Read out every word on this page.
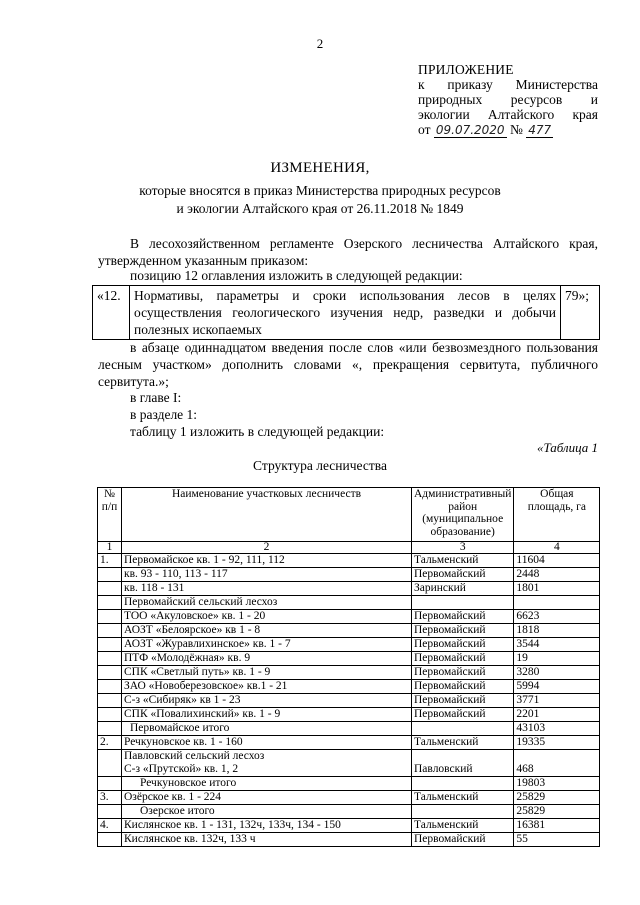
2
ПРИЛОЖЕНИЕ
к приказу Министерства
природных ресурсов и
экологии Алтайского края
от 09.07.2020 № 477
ИЗМЕНЕНИЯ,
которые вносятся в приказ Министерства природных ресурсов
и экологии Алтайского края от 26.11.2018 № 1849
В лесохозяйственном регламенте Озерского лесничества Алтайского края, утвержденном указанным приказом:
позицию 12 оглавления изложить в следующей редакции:
«12.	Нормативы, параметры и сроки использования лесов в целях осуществления геологического изучения недр, разведки и добычи полезных ископаемых	79»;
в абзаце одиннадцатом введения после слов «или безвозмездного пользования лесным участком» дополнить словами «, прекращения сервитута, публичного сервитута.»;
в главе I:
в разделе 1:
таблицу 1 изложить в следующей редакции:
«Таблица 1
Структура лесничества
№ п/п	Наименование участковых лесничеств	Административный район (муниципальное образование)	Общая площадь, га
1	2	3	4
1.	Первомайское кв. 1 - 92, 111, 112	Тальменский	11604
	кв. 93 - 110, 113 - 117	Первомайский	2448
	кв. 118 - 131	Заринский	1801
	Первомайский сельский лесхоз		
	ТОО «Акуловское» кв. 1 - 20	Первомайский	6623
	АОЗТ «Белоярское» кв 1 - 8	Первомайский	1818
	АОЗТ «Журавлихинское» кв. 1 - 7	Первомайский	3544
	ПТФ «Молодёжная» кв. 9	Первомайский	19
	СПК «Светлый путь» кв. 1 - 9	Первомайский	3280
	ЗАО «Новоберезовское» кв.1 - 21	Первомайский	5994
	С-з «Сибиряк» кв 1 - 23	Первомайский	3771
	СПК «Повалихинский» кв. 1 - 9	Первомайский	2201
	Первомайское итого		43103
2.	Речкуновское кв. 1 - 160	Тальменский	19335
	Павловский сельский лесхоз
С-з «Прутской» кв. 1, 2	Павловский	468
	Речкуновское итого		19803
3.	Озёрское кв. 1 - 224	Тальменский	25829
	Озерское итого		25829
4.	Кислянское кв. 1 - 131, 132ч, 133ч, 134 - 150	Тальменский	16381
	Кислянское кв. 132ч, 133 ч	Первомайский	55
